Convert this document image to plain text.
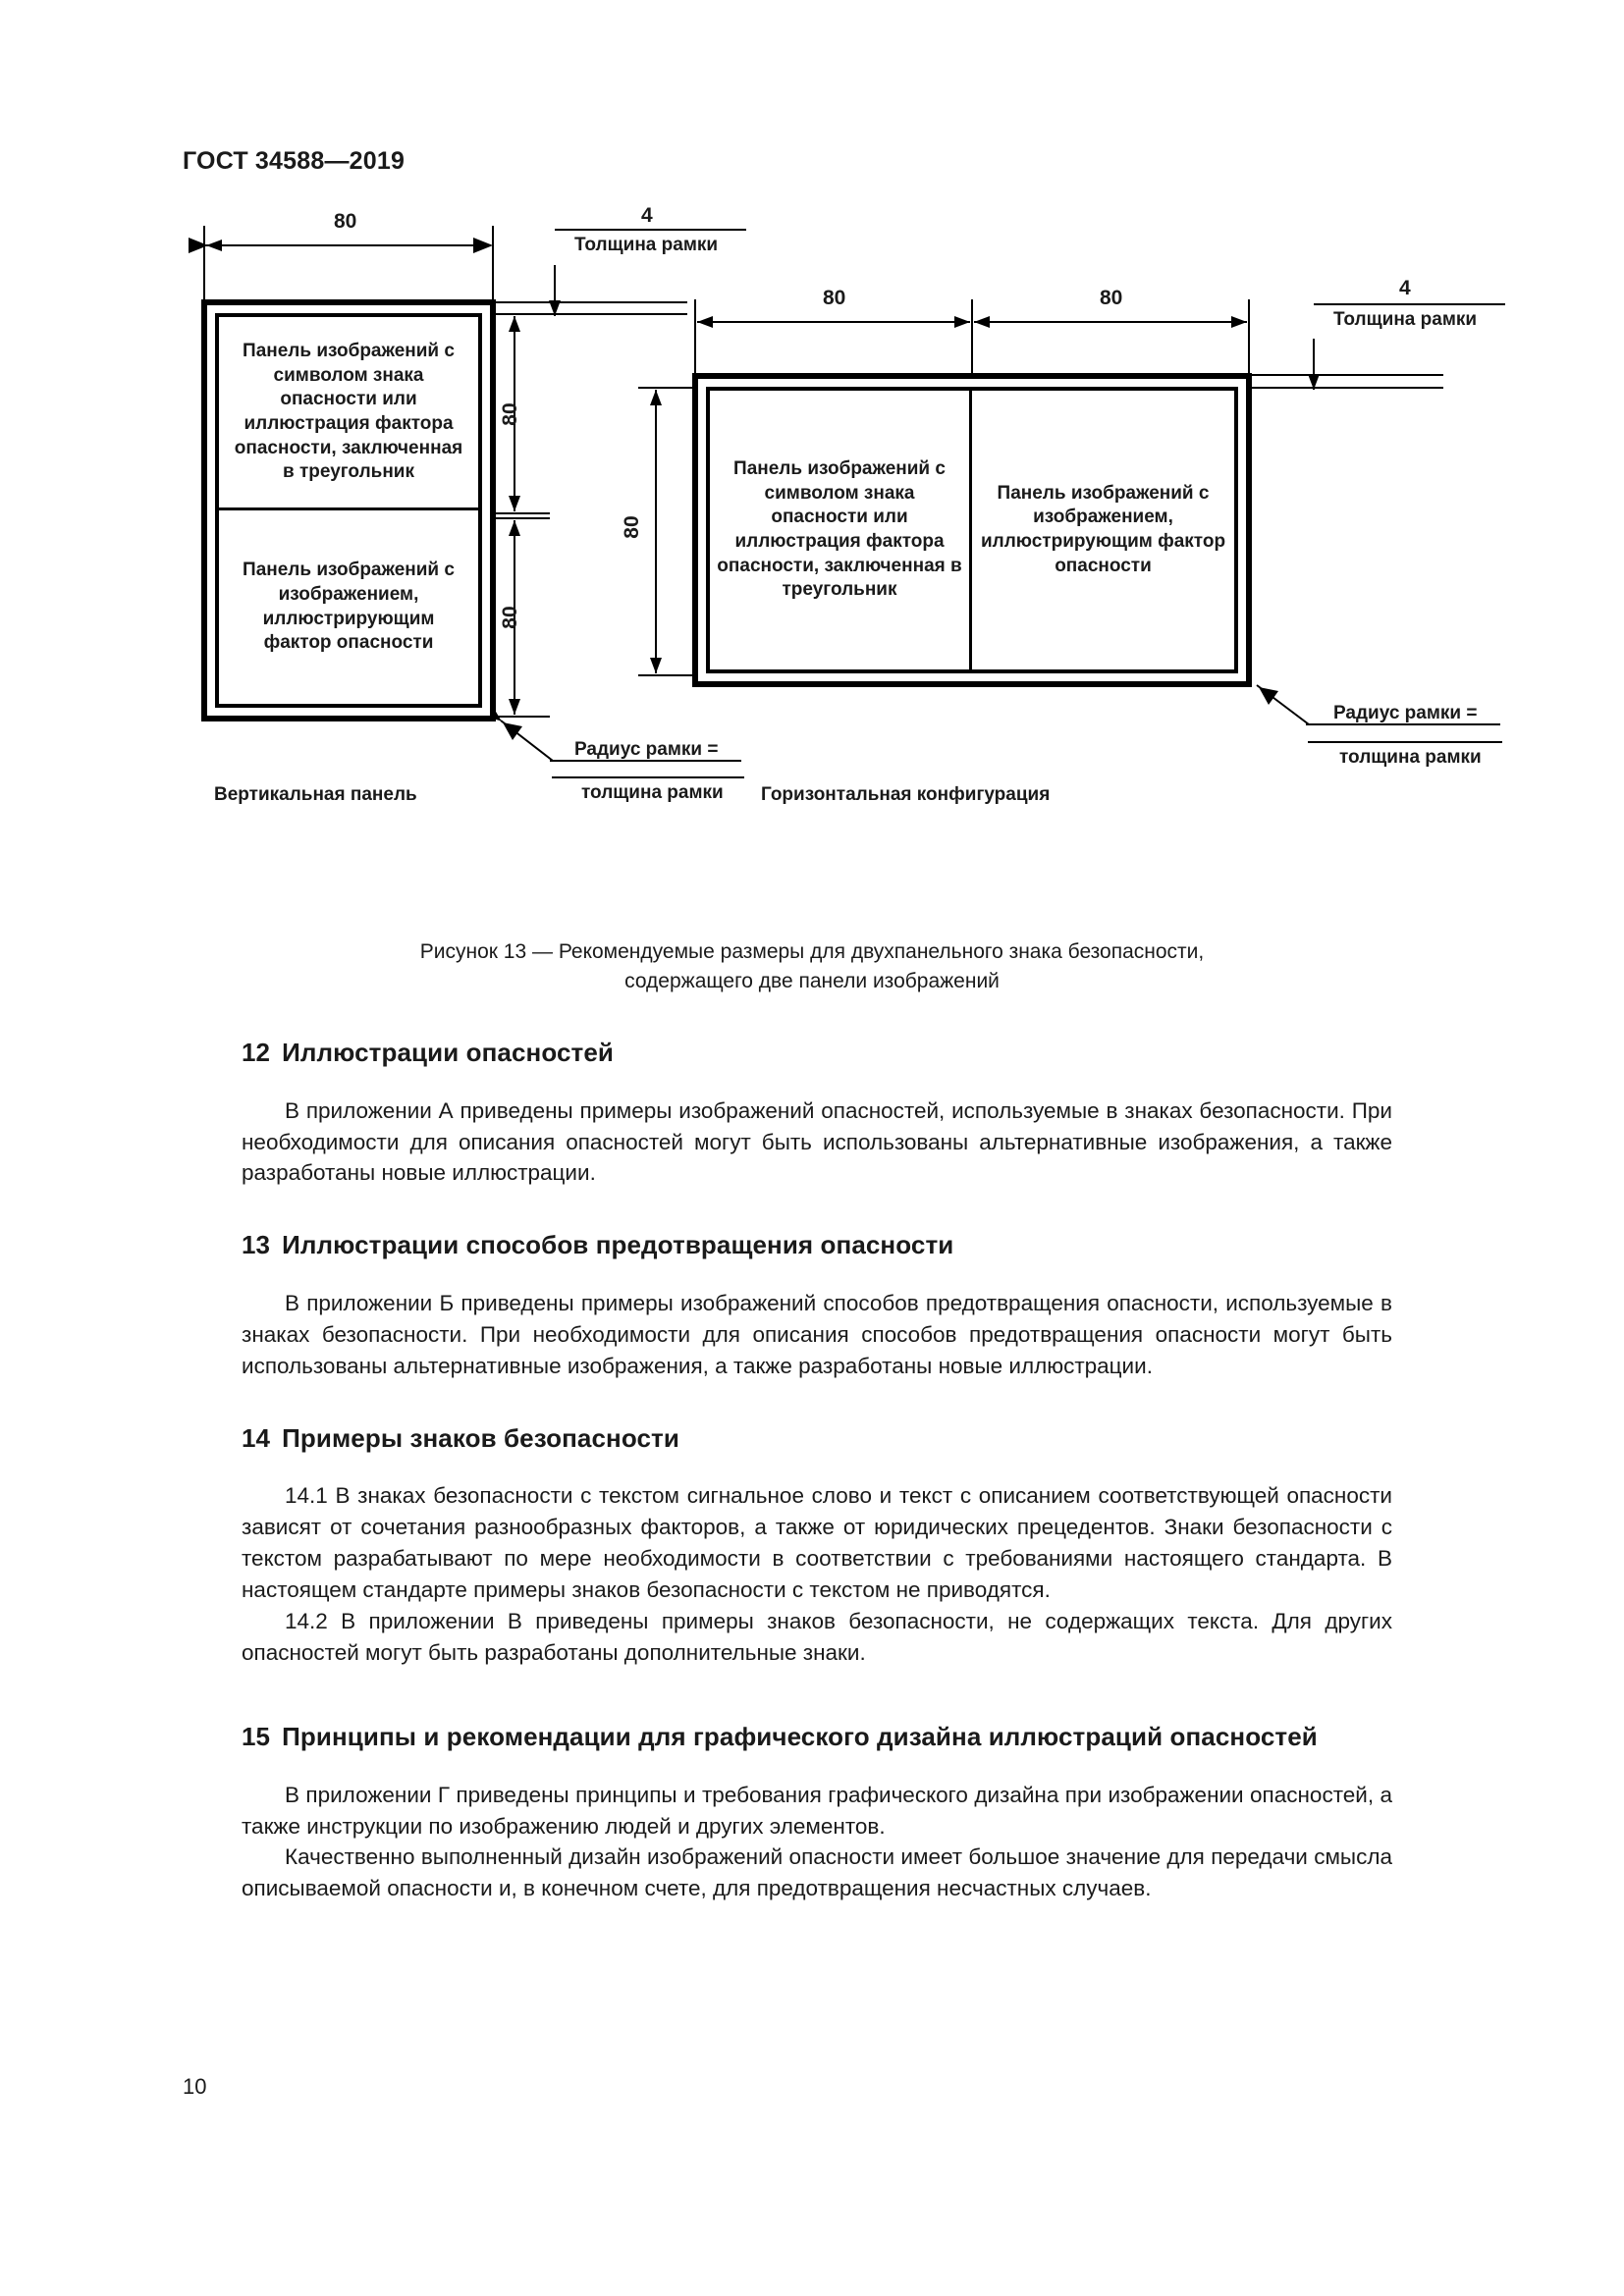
ГОСТ 34588—2019
80
80
80
4
Толщина рамки
Радиус рамки =
толщина рамки
80	80
80
4
Толщина рамки
Радиус рамки =
толщина рамки
Панель изображений с символом знака опасности или иллюстрация фактора опасности, заключенная в треугольник
Панель изображений с изображением, иллюстрирующим фактор опасности
Панель изображений с символом знака опасности или иллюстрация фактора опасности, заключенная в треугольник
Панель изображений с изображением, иллюстрирующим фактор опасности
Вертикальная панель	Горизонтальная конфигурация
Рисунок 13 — Рекомендуемые размеры для двухпанельного знака безопасности,
содержащего две панели изображений
12 Иллюстрации опасностей

В приложении А приведены примеры изображений опасностей, используемые в знаках безопасности. При необходимости для описания опасностей могут быть использованы альтернативные изображения, а также разработаны новые иллюстрации.

13 Иллюстрации способов предотвращения опасности

В приложении Б приведены примеры изображений способов предотвращения опасности, используемые в знаках безопасности. При необходимости для описания способов предотвращения опасности могут быть использованы альтернативные изображения, а также разработаны новые иллюстрации.

14 Примеры знаков безопасности

14.1 В знаках безопасности с текстом сигнальное слово и текст с описанием соответствующей опасности зависят от сочетания разнообразных факторов, а также от юридических прецедентов. Знаки безопасности с текстом разрабатывают по мере необходимости в соответствии с требованиями настоящего стандарта. В настоящем стандарте примеры знаков безопасности с текстом не приводятся.

14.2 В приложении В приведены примеры знаков безопасности, не содержащих текста. Для других опасностей могут быть разработаны дополнительные знаки.

15 Принципы и рекомендации для графического дизайна иллюстраций опасностей

В приложении Г приведены принципы и требования графического дизайна при изображении опасностей, а также инструкции по изображению людей и других элементов.

Качественно выполненный дизайн изображений опасности имеет большое значение для передачи смысла описываемой опасности и, в конечном счете, для предотвращения несчастных случаев.

10
